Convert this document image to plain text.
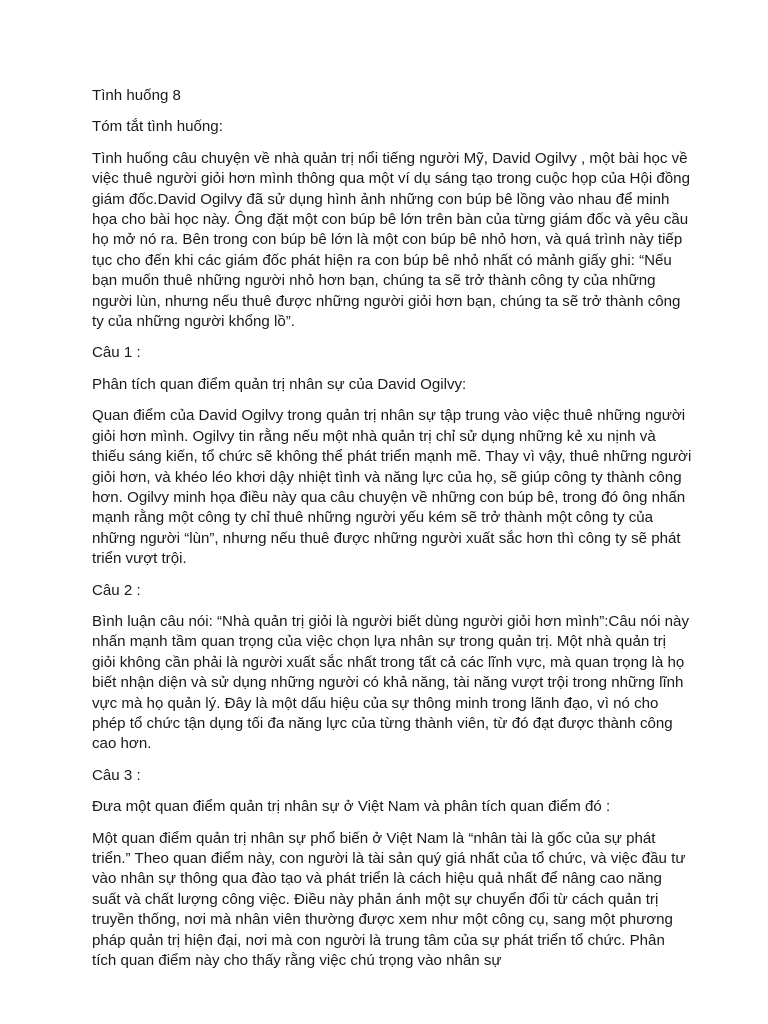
Tình huống 8

Tóm tắt tình huống:

Tình huống câu chuyện về nhà quản trị nổi tiếng người Mỹ, David Ogilvy , một bài học về việc thuê người giỏi hơn mình thông qua một ví dụ sáng tạo trong cuộc họp của Hội đồng giám đốc.David Ogilvy đã sử dụng hình ảnh những con búp bê lồng vào nhau để minh họa cho bài học này. Ông đặt một con búp bê lớn trên bàn của từng giám đốc và yêu cầu họ mở nó ra. Bên trong con búp bê lớn là một con búp bê nhỏ hơn, và quá trình này tiếp tục cho đến khi các giám đốc phát hiện ra con búp bê nhỏ nhất có mảnh giấy ghi: “Nếu bạn muốn thuê những người nhỏ hơn bạn, chúng ta sẽ trở thành công ty của những người lùn, nhưng nếu thuê được những người giỏi hơn bạn, chúng ta sẽ trở thành công ty của những người khổng lồ”.

Câu 1 :

Phân tích quan điểm quản trị nhân sự của David Ogilvy:

Quan điểm của David Ogilvy trong quản trị nhân sự tập trung vào việc thuê những người giỏi hơn mình. Ogilvy tin rằng nếu một nhà quản trị chỉ sử dụng những kẻ xu nịnh và thiếu sáng kiến, tổ chức sẽ không thể phát triển mạnh mẽ. Thay vì vậy, thuê những người giỏi hơn, và khéo léo khơi dậy nhiệt tình và năng lực của họ, sẽ giúp công ty thành công hơn. Ogilvy minh họa điều này qua câu chuyện về những con búp bê, trong đó ông nhấn mạnh rằng một công ty chỉ thuê những người yếu kém sẽ trở thành một công ty của những người “lùn”, nhưng nếu thuê được những người xuất sắc hơn thì công ty sẽ phát triển vượt trội.

Câu 2 :

Bình luận câu nói: “Nhà quản trị giỏi là người biết dùng người giỏi hơn mình”:Câu nói này nhấn mạnh tầm quan trọng của việc chọn lựa nhân sự trong quản trị. Một nhà quản trị giỏi không cần phải là người xuất sắc nhất trong tất cả các lĩnh vực, mà quan trọng là họ biết nhận diện và sử dụng những người có khả năng, tài năng vượt trội trong những lĩnh vực mà họ quản lý. Đây là một dấu hiệu của sự thông minh trong lãnh đạo, vì nó cho phép tổ chức tận dụng tối đa năng lực của từng thành viên, từ đó đạt được thành công cao hơn.

Câu 3 :

Đưa một quan điểm quản trị nhân sự ở Việt Nam và phân tích quan điểm đó :

Một quan điểm quản trị nhân sự phổ biến ở Việt Nam là “nhân tài là gốc của sự phát triển.” Theo quan điểm này, con người là tài sản quý giá nhất của tổ chức, và việc đầu tư vào nhân sự thông qua đào tạo và phát triển là cách hiệu quả nhất để nâng cao năng suất và chất lượng công việc. Điều này phản ánh một sự chuyển đổi từ cách quản trị truyền thống, nơi mà nhân viên thường được xem như một công cụ, sang một phương pháp quản trị hiện đại, nơi mà con người là trung tâm của sự phát triển tổ chức. Phân tích quan điểm này cho thấy rằng việc chú trọng vào nhân sự
